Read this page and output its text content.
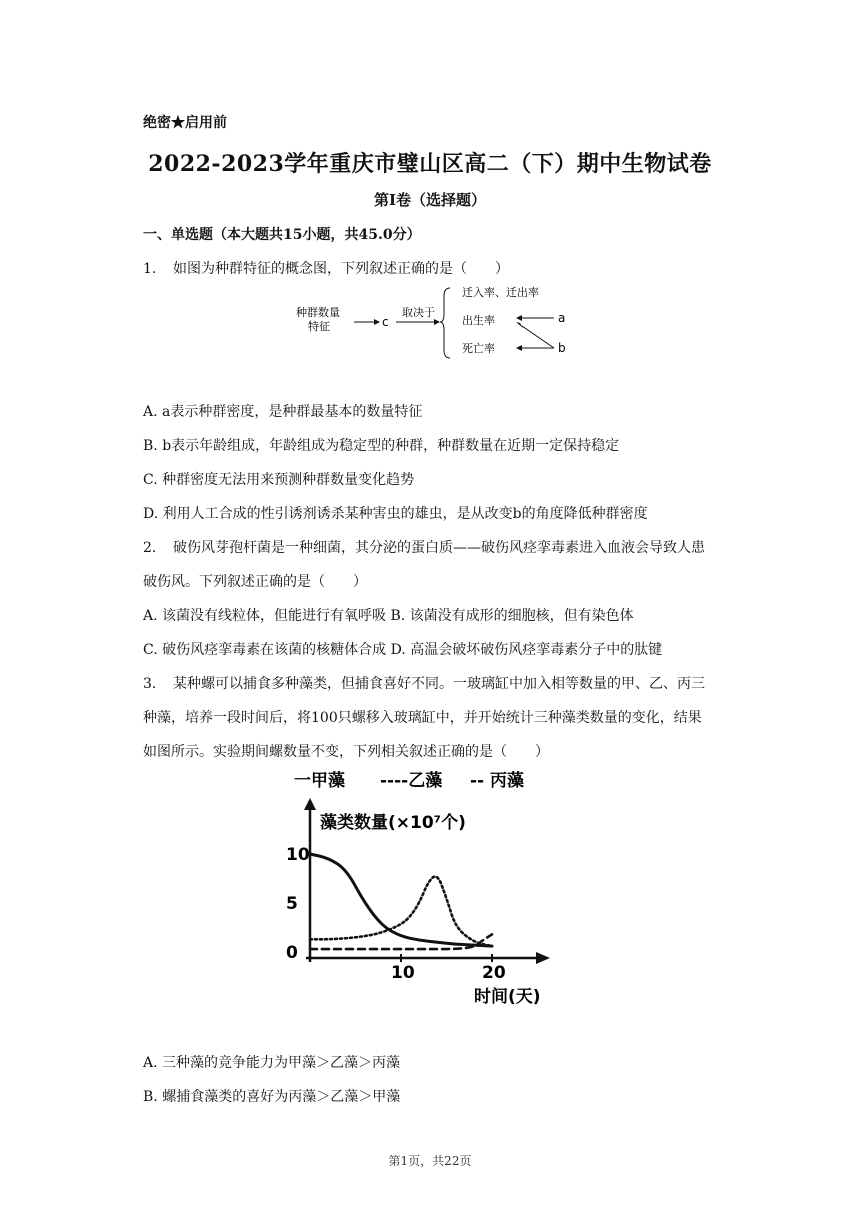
绝密★启用前
2022-2023学年重庆市璧山区高二（下）期中生物试卷
第I卷（选择题）
一、单选题（本大题共15小题，共45.0分）
1. 如图为种群特征的概念图，下列叙述正确的是（　　）
种群数量
特征	c
取决于
迁入率、迁出率
出生率
死亡率
a
b
A. a表示种群密度，是种群最基本的数量特征
B. b表示年龄组成，年龄组成为稳定型的种群，种群数量在近期一定保持稳定
C. 种群密度无法用来预测种群数量变化趋势
D. 利用人工合成的性引诱剂诱杀某种害虫的雄虫，是从改变b的角度降低种群密度
2. 破伤风芽孢杆菌是一种细菌，其分泌的蛋白质——破伤风痉挛毒素进入血液会导致人患
破伤风。下列叙述正确的是（　　）
A. 该菌没有线粒体，但能进行有氧呼吸 B. 该菌没有成形的细胞核，但有染色体
C. 破伤风痉挛毒素在该菌的核糖体合成 D. 高温会破坏破伤风痉挛毒素分子中的肽键
3. 某种螺可以捕食多种藻类，但捕食喜好不同。一玻璃缸中加入相等数量的甲、乙、丙三
种藻，培养一段时间后，将100只螺移入玻璃缸中，并开始统计三种藻类数量的变化，结果
如图所示。实验期间螺数量不变，下列相关叙述正确的是（　　）
一甲藻 ----乙藻 -- 丙藻
藻类数量(×10⁷个)
时间(天)
0
5
10
10	20
A. 三种藻的竞争能力为甲藻＞乙藻＞丙藻
B. 螺捕食藻类的喜好为丙藻＞乙藻＞甲藻
第1页，共22页
